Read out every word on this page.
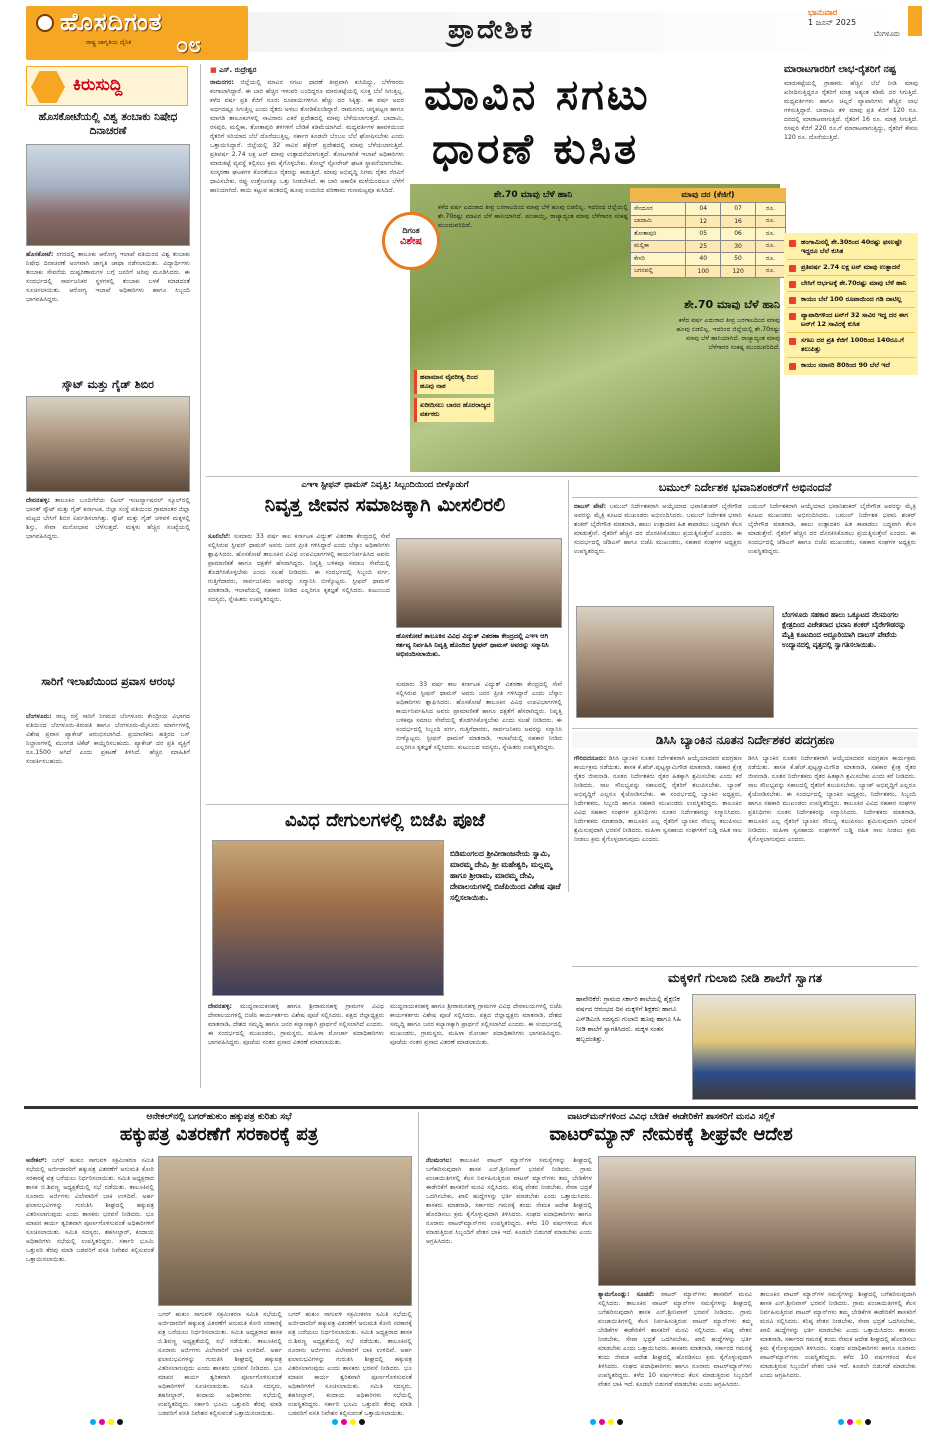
ಹೊಸದಿಗಂತ
ರಾಷ್ಟ್ರ ಜಾಗೃತಿಯ ದೈನಿಕ ೦೮
ಪ್ರಾದೇಶಿಕ
ಭಾನುವಾರ
1 ಜೂನ್ 2025
ಬೆಂಗಳೂರು
ಕಿರುಸುದ್ದಿ
ಹೊಸಕೋಟೆಯಲ್ಲಿ ವಿಶ್ವ ತಂಬಾಕು ನಿಷೇಧ ದಿನಾಚರಣೆ
ಹೊಸಕೋಟೆ: ನಗರದಲ್ಲಿ ತಾಲೂಕು ಆರೋಗ್ಯ ಇಲಾಖೆ ವತಿಯಿಂದ ವಿಶ್ವ ತಂಬಾಕು ನಿಷೇಧ ದಿನಾಚರಣೆ ಅಂಗವಾಗಿ ಜಾಗೃತಿ ಜಾಥಾ ನಡೆಸಲಾಯಿತು. ವಿದ್ಯಾರ್ಥಿಗಳು ತಂಬಾಕು ಸೇವನೆಯ ದುಷ್ಪರಿಣಾಮಗಳ ಬಗ್ಗೆ ಜನರಿಗೆ ಅರಿವು ಮೂಡಿಸಿದರು. ಈ ಸಂದರ್ಭದಲ್ಲಿ ಸಾರ್ವಜನಿಕರ ಸ್ಥಳಗಳಲ್ಲಿ ತಂಬಾಕು ಬಳಕೆ ಮಾಡದಂತೆ ಸೂಚಿಸಲಾಯಿತು. ಆರೋಗ್ಯ ಇಲಾಖೆ ಅಧಿಕಾರಿಗಳು ಹಾಗೂ ಸಿಬ್ಬಂದಿ ಭಾಗವಹಿಸಿದ್ದರು.
ಸ್ಕೌಟ್ ಮತ್ತು ಗೈಡ್ ಶಿಬಿರ
ದೇವನಹಳ್ಳಿ: ತಾಲೂಕಿನ ಬೂದಿಗೆರೆಯ ಲಿಟಲ್ ಇಂಟರ್ನ್ಯಾಷನಲ್ ಸ್ಕೂಲ್‌ನಲ್ಲಿ ಭಾರತ್ ಸ್ಕೌಟ್ ಮತ್ತು ಗೈಡ್ ಕರ್ನಾಟಕ, ಜಿಲ್ಲಾ ಸಂಸ್ಥೆ ವತಿಯಿಂದ ಗ್ರಾಮಾಂತರ ಜಿಲ್ಲಾ ಮಟ್ಟದ ಬೇಸಿಗೆ ಶಿಬಿರ ಏರ್ಪಡಿಸಲಾಗಿತ್ತು. ಸ್ಕೌಟ್ ಮತ್ತು ಗೈಡ್ ಚಳವಳಿ ಮಕ್ಕಳಲ್ಲಿ ಶಿಸ್ತು, ಸೇವಾ ಮನೋಭಾವ ಬೆಳೆಸುತ್ತದೆ. ಮಕ್ಕಳು ಹೆಚ್ಚಿನ ಸಂಖ್ಯೆಯಲ್ಲಿ ಭಾಗವಹಿಸಿದ್ದರು.
ಸಾರಿಗೆ ಇಲಾಖೆಯಿಂದ ಪ್ರವಾಸ ಆರಂಭ
ಬೆಂಗಳೂರು: ರಾಜ್ಯ ರಸ್ತೆ ಸಾರಿಗೆ ನಿಗಮದ ಬೆಂಗಳೂರು ಕೇಂದ್ರೀಯ ವಿಭಾಗದ ವತಿಯಿಂದ ಬೆಂಗಳೂರು-ತಿರುಪತಿ ಹಾಗೂ ಬೆಂಗಳೂರು-ಮೈಸೂರು ಮಾರ್ಗಗಳಲ್ಲಿ ವಿಶೇಷ ಪ್ರವಾಸ ಪ್ಯಾಕೇಜ್ ಆರಂಭಿಸಲಾಗಿದೆ. ಪ್ರಯಾಣಿಕರು ಹತ್ತಿರದ ಬಸ್ ನಿಲ್ದಾಣಗಳಲ್ಲಿ ಮುಂಗಡ ಟಿಕೆಟ್ ಕಾಯ್ದಿರಿಸಬಹುದು. ಪ್ಯಾಕೇಜ್ ದರ ಪ್ರತಿ ವ್ಯಕ್ತಿಗೆ ರೂ.1500 ಆಗಿದೆ ಎಂದು ಪ್ರಕಟಣೆ ತಿಳಿಸಿದೆ. ಹೆಚ್ಚಿನ ಮಾಹಿತಿಗೆ ಸಂಪರ್ಕಿಸಬಹುದು.
■ ಎಸ್. ರುದ್ರೇಶ್ವರ
ರಾಮನಗರ: ಜಿಲ್ಲೆಯಲ್ಲಿ ಮಾವಿನ ಸಗಟು ಧಾರಣೆ ತೀವ್ರವಾಗಿ ಕುಸಿದಿದ್ದು, ಬೆಳೆಗಾರರು ಕಂಗಾಲಾಗಿದ್ದಾರೆ. ಈ ಬಾರಿ ಹೆಚ್ಚಿನ ಇಳುವರಿ ಬಂದಿದ್ದರೂ ಮಾರುಕಟ್ಟೆಯಲ್ಲಿ ಸೂಕ್ತ ಬೆಲೆ ಸಿಗುತ್ತಿಲ್ಲ. ಕಳೆದ ವರ್ಷ ಪ್ರತಿ ಕೆಜಿಗೆ ನೂರು ರೂಪಾಯಿಗಳಿಗೂ ಹೆಚ್ಚು ದರ ಸಿಕ್ಕಿತ್ತು. ಈ ವರ್ಷ ಅದರ ಅರ್ಧದಷ್ಟೂ ಸಿಗುತ್ತಿಲ್ಲ ಎಂದು ರೈತರು ಅಳಲು ತೋಡಿಕೊಂಡಿದ್ದಾರೆ. ರಾಮನಗರ, ಚನ್ನಪಟ್ಟಣ ಹಾಗೂ ಮಾಗಡಿ ತಾಲೂಕುಗಳಲ್ಲಿ ಸಾವಿರಾರು ಎಕರೆ ಪ್ರದೇಶದಲ್ಲಿ ಮಾವು ಬೆಳೆಯಲಾಗುತ್ತದೆ. ಬಾದಾಮಿ, ರಸಪುರಿ, ಮಲ್ಲಿಕಾ, ತೋತಾಪುರಿ ತಳಿಗಳಿಗೆ ಬೇಡಿಕೆ ಕಡಿಮೆಯಾಗಿದೆ. ಮಧ್ಯವರ್ತಿಗಳ ಹಾವಳಿಯಿಂದ ರೈತರಿಗೆ ಸರಿಯಾದ ಬೆಲೆ ದೊರೆಯುತ್ತಿಲ್ಲ. ಸರ್ಕಾರ ಕೂಡಲೇ ಬೆಂಬಲ ಬೆಲೆ ಘೋಷಿಸಬೇಕು ಎಂದು ಒತ್ತಾಯಿಸಿದ್ದಾರೆ. ಜಿಲ್ಲೆಯಲ್ಲಿ 32 ಸಾವಿರ ಹೆಕ್ಟೇರ್ ಪ್ರದೇಶದಲ್ಲಿ ಮಾವು ಬೆಳೆಯಲಾಗುತ್ತಿದೆ. ಪ್ರತಿವರ್ಷ 2.74 ಲಕ್ಷ ಟನ್ ಮಾವು ಉತ್ಪಾದನೆಯಾಗುತ್ತದೆ. ತೋಟಗಾರಿಕೆ ಇಲಾಖೆ ಅಧಿಕಾರಿಗಳು ಮಾರುಕಟ್ಟೆ ವ್ಯವಸ್ಥೆ ಕಲ್ಪಿಸಲು ಕ್ರಮ ಕೈಗೊಳ್ಳಬೇಕು. ಕೋಲ್ಡ್ ಸ್ಟೋರೇಜ್ ಘಟಕ ಸ್ಥಾಪನೆಯಾಗಬೇಕು. ಸಂಸ್ಕರಣಾ ಘಟಕಗಳ ಕೊರತೆಯೂ ರೈತರನ್ನು ಕಾಡುತ್ತಿದೆ. ಮಾವು ಅಭಿವೃದ್ಧಿ ನಿಗಮ ರೈತರ ನೆರವಿಗೆ ಧಾವಿಸಬೇಕು. ರಫ್ತು ಉತ್ತೇಜನಕ್ಕೂ ಒತ್ತು ನೀಡಬೇಕಿದೆ. ಈ ಬಾರಿ ಅಕಾಲಿಕ ಮಳೆಯಿಂದಲೂ ಬೆಳೆಗೆ ಹಾನಿಯಾಗಿದೆ. ಕಾಯಿ ಕಟ್ಟುವ ಹಂತದಲ್ಲಿ ಹೂವು ಉದುರಿದ ಪರಿಣಾಮ ಗುಣಮಟ್ಟವೂ ಕುಸಿದಿದೆ.
ಮಾವಿನ ಸಗಟು
ಧಾರಣೆ ಕುಸಿತ
ದಿಗಂತ
ವಿಶೇಷ
ಶೇ.70 ಮಾವು ಬೆಳೆ ಹಾನಿ
ಕಳೆದ ವರ್ಷ ಎದುರಾದ ತೀವ್ರ ಬರಗಾಲದಿಂದ ಮಾವು ಬೆಳೆ ಹೂವು ಬಿಡಲಿಲ್ಲ. ಇದರಿಂದ ಜಿಲ್ಲೆಯಲ್ಲಿ ಶೇ.70ರಷ್ಟು ಮಾವಿನ ಬೆಳೆ ಹಾನಿಯಾಗಿದೆ. ಪಂಚಾಯ್ತಿ, ರಾಜ್ಯಾದ್ಯಂತ ಮಾವು ಬೆಳೆಗಾರರ ಸಂಕಷ್ಟ ಮುಂದುವರಿದಿದೆ.
ಮಾವು ದರ (ಕೆಜಿಗೆ)
ಸೇಂದೂರ	04	07	ರೂ.
ಬಾದಾಮಿ	12	16	ರೂ.
ತೋತಾಪುರಿ	05	06	ರೂ.
ಮಲ್ಲಿಕಾ	25	30	ರೂ.
ಕೇಸರಿ	40	50	ರೂ.
ಬಗನಪಲ್ಲಿ	100	120	ರೂ.
ಶೇ.70 ಮಾವು ಬೆಳೆ ಹಾನಿ
ಕಳೆದ ವರ್ಷ ಎದುರಾದ ತೀವ್ರ ಬರಗಾಲದಿಂದ ಮಾವು ಹೂವು ಬಿಡಲಿಲ್ಲ. ಇದರಿಂದ ಜಿಲ್ಲೆಯಲ್ಲಿ ಶೇ.70ರಷ್ಟು ಮಾವು ಬೆಳೆ ಹಾನಿಯಾಗಿದೆ. ರಾಜ್ಯಾದ್ಯಂತ ಮಾವು ಬೆಳೆಗಾರರ ಸಂಕಷ್ಟ ಮುಂದುವರಿದಿದೆ.
ಹವಾಮಾನ ವೈಪರೀತ್ಯ ದಿಂದ ಹೂವು ನಾಶ
ಖರೀದಿಸಲು ಬಾರದ ಹೊರರಾಜ್ಯದ ವರ್ತಕರು
ಮಾರಾಟಗಾರರಿಗೆ ಲಾಭ-ರೈತರಿಗೆ ನಷ್ಟ
ಮಾರುಕಟ್ಟೆಯಲ್ಲಿ ಗ್ರಾಹಕರು ಹೆಚ್ಚಿನ ಬೆಲೆ ನೀಡಿ ಮಾವು ಖರೀದಿಸುತ್ತಿದ್ದರೂ ರೈತರಿಗೆ ಮಾತ್ರ ಅತ್ಯಂತ ಕಡಿಮೆ ದರ ಸಿಗುತ್ತಿದೆ. ಮಧ್ಯವರ್ತಿಗಳು ಹಾಗೂ ಚಿಲ್ಲರೆ ವ್ಯಾಪಾರಿಗಳು ಹೆಚ್ಚಿನ ಲಾಭ ಗಳಿಸುತ್ತಿದ್ದಾರೆ. ಬಾದಾಮಿ ತಳಿ ಮಾವು ಪ್ರತಿ ಕೆಜಿಗೆ 120 ರೂ. ದರದಲ್ಲಿ ಮಾರಾಟವಾಗುತ್ತಿದೆ. ರೈತರಿಗೆ 16 ರೂ. ಮಾತ್ರ ಸಿಗುತ್ತಿದೆ. ರಸಪುರಿ ಕೆಜಿಗೆ 220 ರೂ.ಗೆ ಮಾರಾಟವಾಗುತ್ತಿದ್ದು, ರೈತರಿಗೆ ಕೇವಲ 120 ರೂ. ದೊರೆಯುತ್ತಿದೆ.
ಹಂಗಾಮಿನಲ್ಲಿ ಶೇ.30ರಿಂದ 40ರಷ್ಟು ಫಸಲಷ್ಟೇ ಇದ್ದರೂ ಬೆಲೆ ಕುಸಿತ
ಪ್ರತಿವರ್ಷ 2.74 ಲಕ್ಷ ಟನ್ ಮಾವು ಉತ್ಪಾದನೆ
ಬೇಸಿಗೆ ಆರ್ಭಟಕ್ಕೆ ಶೇ.70ರಷ್ಟು ಮಾವು ಬೆಳೆ ಹಾನಿ
ಕಾಯಂ ಬೆಲೆ 100 ರೂಪಾಯಿಂದ ಗಡಿ ದಾಟಿಲ್ಲ
ವ್ಯಾಪಾರಿಗಳಿಂದ ಟನ್‌ಗೆ 32 ಸಾವಿರ ಇದ್ದ ದರ ಈಗ ಟನ್‌ಗೆ 12 ಸಾವಿರಕ್ಕೆ ಕುಸಿತ
ಸಗಟು ದರ ಪ್ರತಿ ಕೆಜಿಗೆ 100ರಿಂದ 140ರೂ.ಗೆ ತಲುಪಿತ್ತು
ಕಾಯಂ ಸರಾಸರಿ 80ರಿಂದ 90 ಬೆಲೆ ಇದೆ
ಎಇಇ ಸ್ಟೀಫನ್ ಥಾಮಸ್ ನಿವೃತ್ತಿ: ಸಿಬ್ಬಂದಿಯಿಂದ ಬೀಳ್ಕೊಡುಗೆ
ನಿವೃತ್ತ ಜೀವನ ಸಮಾಜಕ್ಕಾಗಿ ಮೀಸಲಿರಲಿ
ಸೂಲಿಬೆಲೆ: ಸುಮಾರು 33 ವರ್ಷ ಕಾಲ ಕರ್ನಾಟಕ ವಿದ್ಯುತ್ ವಿತರಣಾ ಕೇಂದ್ರದಲ್ಲಿ ಸೇವೆ ಸಲ್ಲಿಸಿರುವ ಸ್ಟೀಫನ್ ಥಾಮಸ್ ಅವರು ಜನರ ಪ್ರೀತಿ ಗಳಿಸಿದ್ದಾರೆ ಎಂದು ಬೆಸ್ಕಾಂ ಅಧಿಕಾರಿಗಳು ಶ್ಲಾಘಿಸಿದರು. ಹೊಸಕೋಟೆ ತಾಲೂಕಿನ ವಿವಿಧ ಉಪವಿಭಾಗಗಳಲ್ಲಿ ಕಾರ್ಯನಿರ್ವಹಿಸಿದ ಅವರು ಪ್ರಾಮಾಣಿಕತೆ ಹಾಗೂ ದಕ್ಷತೆಗೆ ಹೆಸರಾಗಿದ್ದರು. ನಿವೃತ್ತಿ ಬಳಿಕವೂ ಸಮಾಜ ಸೇವೆಯಲ್ಲಿ ತೊಡಗಿಸಿಕೊಳ್ಳಬೇಕು ಎಂದು ಸಲಹೆ ನೀಡಿದರು. ಈ ಸಂದರ್ಭದಲ್ಲಿ ಸಿಬ್ಬಂದಿ ವರ್ಗ, ಗುತ್ತಿಗೆದಾರರು, ಸಾರ್ವಜನಿಕರು ಅವರನ್ನು ಸನ್ಮಾನಿಸಿ ಬೀಳ್ಕೊಟ್ಟರು. ಸ್ಟೀಫನ್ ಥಾಮಸ್ ಮಾತನಾಡಿ, ಇಲಾಖೆಯಲ್ಲಿ ಸಹಕಾರ ನೀಡಿದ ಎಲ್ಲರಿಗೂ ಕೃತಜ್ಞತೆ ಸಲ್ಲಿಸಿದರು. ಕುಟುಂಬದ ಸದಸ್ಯರು, ಸ್ನೇಹಿತರು ಉಪಸ್ಥಿತರಿದ್ದರು.
ಹೊಸಕೋಟೆ ತಾಲೂಕಿನ ವಿವಿಧ ವಿದ್ಯುತ್ ವಿತರಣಾ ಕೇಂದ್ರದಲ್ಲಿ ಎಇಇ ಆಗಿ ಕರ್ತವ್ಯ ನಿರ್ವಹಿಸಿ ನಿವೃತ್ತಿ ಹೊಂದಿದ ಸ್ಟೀಫನ್ ಥಾಮಸ್ ಅವರನ್ನು ಸನ್ಮಾನಿಸಿ ಅಭಿನಂದಿಸಲಾಯಿತು.
ಸುಮಾರು 33 ವರ್ಷ ಕಾಲ ಕರ್ನಾಟಕ ವಿದ್ಯುತ್ ವಿತರಣಾ ಕೇಂದ್ರದಲ್ಲಿ ಸೇವೆ ಸಲ್ಲಿಸಿರುವ ಸ್ಟೀಫನ್ ಥಾಮಸ್ ಅವರು ಜನರ ಪ್ರೀತಿ ಗಳಿಸಿದ್ದಾರೆ ಎಂದು ಬೆಸ್ಕಾಂ ಅಧಿಕಾರಿಗಳು ಶ್ಲಾಘಿಸಿದರು. ಹೊಸಕೋಟೆ ತಾಲೂಕಿನ ವಿವಿಧ ಉಪವಿಭಾಗಗಳಲ್ಲಿ ಕಾರ್ಯನಿರ್ವಹಿಸಿದ ಅವರು ಪ್ರಾಮಾಣಿಕತೆ ಹಾಗೂ ದಕ್ಷತೆಗೆ ಹೆಸರಾಗಿದ್ದರು. ನಿವೃತ್ತಿ ಬಳಿಕವೂ ಸಮಾಜ ಸೇವೆಯಲ್ಲಿ ತೊಡಗಿಸಿಕೊಳ್ಳಬೇಕು ಎಂದು ಸಲಹೆ ನೀಡಿದರು. ಈ ಸಂದರ್ಭದಲ್ಲಿ ಸಿಬ್ಬಂದಿ ವರ್ಗ, ಗುತ್ತಿಗೆದಾರರು, ಸಾರ್ವಜನಿಕರು ಅವರನ್ನು ಸನ್ಮಾನಿಸಿ ಬೀಳ್ಕೊಟ್ಟರು. ಸ್ಟೀಫನ್ ಥಾಮಸ್ ಮಾತನಾಡಿ, ಇಲಾಖೆಯಲ್ಲಿ ಸಹಕಾರ ನೀಡಿದ ಎಲ್ಲರಿಗೂ ಕೃತಜ್ಞತೆ ಸಲ್ಲಿಸಿದರು. ಕುಟುಂಬದ ಸದಸ್ಯರು, ಸ್ನೇಹಿತರು ಉಪಸ್ಥಿತರಿದ್ದರು.
ಬಮುಲ್ ನಿರ್ದೇಶಕ ಭವಾನಿಶಂಕರ್‌ಗೆ ಅಭಿನಂದನೆ
ದಾಬಸ್ ಪೇಟೆ: ಬಮುಲ್ ನಿರ್ದೇಶಕರಾಗಿ ಆಯ್ಕೆಯಾದ ಭವಾನಿಶಂಕರ್ ಬೈರೇಗೌಡ ಅವರನ್ನು ಮೈತ್ರಿ ಕೂಟದ ಮುಖಂಡರು ಅಭಿನಂದಿಸಿದರು. ಬಮುಲ್ ನಿರ್ದೇಶಕ ಭವಾನಿ ಶಂಕರ್ ಬೈರೇಗೌಡ ಮಾತನಾಡಿ, ಹಾಲು ಉತ್ಪಾದಕರ ಹಿತ ಕಾಪಾಡಲು ಬದ್ಧವಾಗಿ ಕೆಲಸ ಮಾಡುತ್ತೇನೆ. ರೈತರಿಗೆ ಹೆಚ್ಚಿನ ದರ ದೊರಕಿಸಿಕೊಡಲು ಪ್ರಯತ್ನಿಸುತ್ತೇನೆ ಎಂದರು. ಈ ಸಂದರ್ಭದಲ್ಲಿ ಜೆಡಿಎಸ್ ಹಾಗೂ ಬಿಜೆಪಿ ಮುಖಂಡರು, ಸಹಕಾರ ಸಂಘಗಳ ಅಧ್ಯಕ್ಷರು ಉಪಸ್ಥಿತರಿದ್ದರು.
ಬಮುಲ್ ನಿರ್ದೇಶಕರಾಗಿ ಆಯ್ಕೆಯಾದ ಭವಾನಿಶಂಕರ್ ಬೈರೇಗೌಡ ಅವರನ್ನು ಮೈತ್ರಿ ಕೂಟದ ಮುಖಂಡರು ಅಭಿನಂದಿಸಿದರು. ಬಮುಲ್ ನಿರ್ದೇಶಕ ಭವಾನಿ ಶಂಕರ್ ಬೈರೇಗೌಡ ಮಾತನಾಡಿ, ಹಾಲು ಉತ್ಪಾದಕರ ಹಿತ ಕಾಪಾಡಲು ಬದ್ಧವಾಗಿ ಕೆಲಸ ಮಾಡುತ್ತೇನೆ. ರೈತರಿಗೆ ಹೆಚ್ಚಿನ ದರ ದೊರಕಿಸಿಕೊಡಲು ಪ್ರಯತ್ನಿಸುತ್ತೇನೆ ಎಂದರು. ಈ ಸಂದರ್ಭದಲ್ಲಿ ಜೆಡಿಎಸ್ ಹಾಗೂ ಬಿಜೆಪಿ ಮುಖಂಡರು, ಸಹಕಾರ ಸಂಘಗಳ ಅಧ್ಯಕ್ಷರು ಉಪಸ್ಥಿತರಿದ್ದರು.
ಬೆಂಗಳೂರು ಸಹಕಾರ ಹಾಲು ಒಕ್ಕೂಟದ ನೆಲಮಂಗಲ ಕ್ಷೇತ್ರದಿಂದ ವಿಜೇತರಾದ ಭವಾನಿ ಶಂಕರ್ ಬೈರೇಗೌಡರನ್ನು ಮೈತ್ರಿ ಕೂಟದಿಂದ ಅದ್ದೂರಿಯಾಗಿ ದಾಬಸ್ ಪೇಟೆಯ ಉದ್ಯಾನದಲ್ಲಿ ವೃತ್ತದಲ್ಲಿ ಸ್ವಾಗತಿಸಲಾಯಿತು.
ಡಿಸಿಸಿ ಬ್ಯಾಂಕಿನ ನೂತನ ನಿರ್ದೇಶಕರ ಪದಗ್ರಹಣ
ಗೌರಿಬಿದನೂರು: ಡಿಸಿಸಿ ಬ್ಯಾಂಕಿನ ನೂತನ ನಿರ್ದೇಶಕರಾಗಿ ಆಯ್ಕೆಯಾದವರ ಪದಗ್ರಹಣ ಕಾರ್ಯಕ್ರಮ ನಡೆಯಿತು. ಶಾಸಕ ಕೆ.ಹೆಚ್.ಪುಟ್ಟಸ್ವಾಮಿಗೌಡ ಮಾತನಾಡಿ, ಸಹಕಾರ ಕ್ಷೇತ್ರ ರೈತರ ಜೀವನಾಡಿ. ನೂತನ ನಿರ್ದೇಶಕರು ರೈತರ ಹಿತಕ್ಕಾಗಿ ಶ್ರಮಿಸಬೇಕು ಎಂದು ಕರೆ ನೀಡಿದರು. ಸಾಲ ಸೌಲಭ್ಯವನ್ನು ಸಕಾಲದಲ್ಲಿ ರೈತರಿಗೆ ತಲುಪಿಸಬೇಕು. ಬ್ಯಾಂಕ್ ಅಭಿವೃದ್ಧಿಗೆ ಎಲ್ಲರೂ ಕೈಜೋಡಿಸಬೇಕು. ಈ ಸಂದರ್ಭದಲ್ಲಿ ಬ್ಯಾಂಕಿನ ಅಧ್ಯಕ್ಷರು, ನಿರ್ದೇಶಕರು, ಸಿಬ್ಬಂದಿ ಹಾಗೂ ಸಹಕಾರಿ ಮುಖಂಡರು ಉಪಸ್ಥಿತರಿದ್ದರು. ತಾಲೂಕಿನ ವಿವಿಧ ಸಹಕಾರ ಸಂಘಗಳ ಪ್ರತಿನಿಧಿಗಳು ನೂತನ ನಿರ್ದೇಶಕರನ್ನು ಸನ್ಮಾನಿಸಿದರು. ನಿರ್ದೇಶಕರು ಮಾತನಾಡಿ, ತಾಲೂಕಿನ ಎಲ್ಲ ರೈತರಿಗೆ ಬ್ಯಾಂಕಿನ ಸೌಲಭ್ಯ ತಲುಪಿಸಲು ಶ್ರಮಿಸುವುದಾಗಿ ಭರವಸೆ ನೀಡಿದರು. ಮಹಿಳಾ ಸ್ವಸಹಾಯ ಸಂಘಗಳಿಗೆ ಬಡ್ಡಿ ರಹಿತ ಸಾಲ ನೀಡಲು ಕ್ರಮ ಕೈಗೊಳ್ಳಲಾಗುವುದು ಎಂದರು.
ಡಿಸಿಸಿ ಬ್ಯಾಂಕಿನ ನೂತನ ನಿರ್ದೇಶಕರಾಗಿ ಆಯ್ಕೆಯಾದವರ ಪದಗ್ರಹಣ ಕಾರ್ಯಕ್ರಮ ನಡೆಯಿತು. ಶಾಸಕ ಕೆ.ಹೆಚ್.ಪುಟ್ಟಸ್ವಾಮಿಗೌಡ ಮಾತನಾಡಿ, ಸಹಕಾರ ಕ್ಷೇತ್ರ ರೈತರ ಜೀವನಾಡಿ. ನೂತನ ನಿರ್ದೇಶಕರು ರೈತರ ಹಿತಕ್ಕಾಗಿ ಶ್ರಮಿಸಬೇಕು ಎಂದು ಕರೆ ನೀಡಿದರು. ಸಾಲ ಸೌಲಭ್ಯವನ್ನು ಸಕಾಲದಲ್ಲಿ ರೈತರಿಗೆ ತಲುಪಿಸಬೇಕು. ಬ್ಯಾಂಕ್ ಅಭಿವೃದ್ಧಿಗೆ ಎಲ್ಲರೂ ಕೈಜೋಡಿಸಬೇಕು. ಈ ಸಂದರ್ಭದಲ್ಲಿ ಬ್ಯಾಂಕಿನ ಅಧ್ಯಕ್ಷರು, ನಿರ್ದೇಶಕರು, ಸಿಬ್ಬಂದಿ ಹಾಗೂ ಸಹಕಾರಿ ಮುಖಂಡರು ಉಪಸ್ಥಿತರಿದ್ದರು. ತಾಲೂಕಿನ ವಿವಿಧ ಸಹಕಾರ ಸಂಘಗಳ ಪ್ರತಿನಿಧಿಗಳು ನೂತನ ನಿರ್ದೇಶಕರನ್ನು ಸನ್ಮಾನಿಸಿದರು. ನಿರ್ದೇಶಕರು ಮಾತನಾಡಿ, ತಾಲೂಕಿನ ಎಲ್ಲ ರೈತರಿಗೆ ಬ್ಯಾಂಕಿನ ಸೌಲಭ್ಯ ತಲುಪಿಸಲು ಶ್ರಮಿಸುವುದಾಗಿ ಭರವಸೆ ನೀಡಿದರು. ಮಹಿಳಾ ಸ್ವಸಹಾಯ ಸಂಘಗಳಿಗೆ ಬಡ್ಡಿ ರಹಿತ ಸಾಲ ನೀಡಲು ಕ್ರಮ ಕೈಗೊಳ್ಳಲಾಗುವುದು ಎಂದರು.
ವಿವಿಧ ದೇಗುಲಗಳಲ್ಲಿ ಬಿಜೆಪಿ ಪೂಜೆ
ಬಿಡಿಮಂಗಲದ ಶ್ರೀವೀರಾಂಜನೇಯ ಸ್ವಾಮಿ, ಮಾರಮ್ಮ ದೇವಿ, ಶ್ರೀ ಮಹೇಶ್ವರಿ, ಮಲ್ಲಮ್ಮ ಹಾಗೂ ಶ್ರೀರಾಮ, ಮಾರಮ್ಮ ದೇವಿ, ದೇವಾಲಯಗಳಲ್ಲಿ ಬಿಜೆಪಿಯಿಂದ ವಿಶೇಷ ಪೂಜೆ ಸಲ್ಲಿಸಲಾಯಿತು.
ದೇವನಹಳ್ಳಿ: ಮುದ್ದನಾಯಕನಹಳ್ಳಿ ಹಾಗೂ ಶ್ರೀರಾಮನಹಳ್ಳಿ ಗ್ರಾಮಗಳ ವಿವಿಧ ದೇವಾಲಯಗಳಲ್ಲಿ ಬಿಜೆಪಿ ಕಾರ್ಯಕರ್ತರು ವಿಶೇಷ ಪೂಜೆ ಸಲ್ಲಿಸಿದರು. ಪಕ್ಷದ ಜಿಲ್ಲಾಧ್ಯಕ್ಷರು ಮಾತನಾಡಿ, ದೇಶದ ಸಮೃದ್ಧಿ ಹಾಗೂ ಜನರ ಕಲ್ಯಾಣಕ್ಕಾಗಿ ಪ್ರಾರ್ಥನೆ ಸಲ್ಲಿಸಲಾಗಿದೆ ಎಂದರು. ಈ ಸಂದರ್ಭದಲ್ಲಿ ಮುಖಂಡರು, ಗ್ರಾಮಸ್ಥರು, ಮಹಿಳಾ ಮೋರ್ಚಾ ಪದಾಧಿಕಾರಿಗಳು ಭಾಗವಹಿಸಿದ್ದರು. ಪೂಜೆಯ ನಂತರ ಪ್ರಸಾದ ವಿತರಣೆ ಮಾಡಲಾಯಿತು.
ಮುದ್ದನಾಯಕನಹಳ್ಳಿ ಹಾಗೂ ಶ್ರೀರಾಮನಹಳ್ಳಿ ಗ್ರಾಮಗಳ ವಿವಿಧ ದೇವಾಲಯಗಳಲ್ಲಿ ಬಿಜೆಪಿ ಕಾರ್ಯಕರ್ತರು ವಿಶೇಷ ಪೂಜೆ ಸಲ್ಲಿಸಿದರು. ಪಕ್ಷದ ಜಿಲ್ಲಾಧ್ಯಕ್ಷರು ಮಾತನಾಡಿ, ದೇಶದ ಸಮೃದ್ಧಿ ಹಾಗೂ ಜನರ ಕಲ್ಯಾಣಕ್ಕಾಗಿ ಪ್ರಾರ್ಥನೆ ಸಲ್ಲಿಸಲಾಗಿದೆ ಎಂದರು. ಈ ಸಂದರ್ಭದಲ್ಲಿ ಮುಖಂಡರು, ಗ್ರಾಮಸ್ಥರು, ಮಹಿಳಾ ಮೋರ್ಚಾ ಪದಾಧಿಕಾರಿಗಳು ಭಾಗವಹಿಸಿದ್ದರು. ಪೂಜೆಯ ನಂತರ ಪ್ರಸಾದ ವಿತರಣೆ ಮಾಡಲಾಯಿತು.
ಮಕ್ಕಳಿಗೆ ಗುಲಾಬಿ ನೀಡಿ ಶಾಲೆಗೆ ಸ್ವಾಗತ
ಹಾವೇರಿಕೆರೆ: ಗ್ರಾಮದ ಸರ್ಕಾರಿ ಶಾಲೆಯಲ್ಲಿ ಶೈಕ್ಷಣಿಕ ವರ್ಷದ ಆರಂಭದ ದಿನ ಮಕ್ಕಳಿಗೆ ಶಿಕ್ಷಕರು ಹಾಗೂ ಎಸ್‌ಡಿಎಂಸಿ ಸದಸ್ಯರು ಗುಲಾಬಿ ಹೂವು ಹಾಗೂ ಸಿಹಿ ನೀಡಿ ಶಾಲೆಗೆ ಸ್ವಾಗತಿಸಿದರು. ಮಕ್ಕಳ ಸಂತಸ ಹಬ್ಬದಂತಿತ್ತು.
ಆನೇಕಲ್‌ನಲ್ಲಿ ಬಗರ್‌ಹುಕುಂ ಹಕ್ಕುಪತ್ರ ಕುರಿತು ಸಭೆ
ಹಕ್ಕುಪತ್ರ ವಿತರಣೆಗೆ ಸರಕಾರಕ್ಕೆ ಪತ್ರ
ಆನೇಕಲ್: ಬಗರ್ ಹುಕುಂ ಸಾಗುವಳಿ ಸಕ್ರಮೀಕರಣ ಸಮಿತಿ ಸಭೆಯಲ್ಲಿ ಅರ್ಜಿದಾರರಿಗೆ ಹಕ್ಕುಪತ್ರ ವಿತರಣೆಗೆ ಅನುಮತಿ ಕೋರಿ ಸರಕಾರಕ್ಕೆ ಪತ್ರ ಬರೆಯಲು ನಿರ್ಧರಿಸಲಾಯಿತು. ಸಮಿತಿ ಅಧ್ಯಕ್ಷರಾದ ಶಾಸಕ ಬಿ.ಶಿವಣ್ಣ ಅಧ್ಯಕ್ಷತೆಯಲ್ಲಿ ಸಭೆ ನಡೆಯಿತು. ತಾಲೂಕಿನಲ್ಲಿ ನೂರಾರು ಅರ್ಜಿಗಳು ವಿಲೇವಾರಿಗೆ ಬಾಕಿ ಉಳಿದಿವೆ. ಅರ್ಹ ಫಲಾನುಭವಿಗಳನ್ನು ಗುರುತಿಸಿ ಶೀಘ್ರದಲ್ಲಿ ಹಕ್ಕುಪತ್ರ ವಿತರಿಸಲಾಗುವುದು ಎಂದು ಶಾಸಕರು ಭರವಸೆ ನೀಡಿದರು. ಭೂ ಮಾಪನ ಕಾರ್ಯ ತ್ವರಿತವಾಗಿ ಪೂರ್ಣಗೊಳಿಸುವಂತೆ ಅಧಿಕಾರಿಗಳಿಗೆ ಸೂಚಿಸಲಾಯಿತು. ಸಮಿತಿ ಸದಸ್ಯರು, ತಹಸೀಲ್ದಾರ್, ಕಂದಾಯ ಅಧಿಕಾರಿಗಳು ಸಭೆಯಲ್ಲಿ ಉಪಸ್ಥಿತರಿದ್ದರು. ಸರ್ಕಾರಿ ಭೂಮಿ ಒತ್ತುವರಿ ತೆರವು ಮಾಡಿ ಬಡವರಿಗೆ ವಸತಿ ನಿವೇಶನ ಕಲ್ಪಿಸುವಂತೆ ಒತ್ತಾಯಿಸಲಾಯಿತು.
ಬಗರ್ ಹುಕುಂ ಸಾಗುವಳಿ ಸಕ್ರಮೀಕರಣ ಸಮಿತಿ ಸಭೆಯಲ್ಲಿ ಅರ್ಜಿದಾರರಿಗೆ ಹಕ್ಕುಪತ್ರ ವಿತರಣೆಗೆ ಅನುಮತಿ ಕೋರಿ ಸರಕಾರಕ್ಕೆ ಪತ್ರ ಬರೆಯಲು ನಿರ್ಧರಿಸಲಾಯಿತು. ಸಮಿತಿ ಅಧ್ಯಕ್ಷರಾದ ಶಾಸಕ ಬಿ.ಶಿವಣ್ಣ ಅಧ್ಯಕ್ಷತೆಯಲ್ಲಿ ಸಭೆ ನಡೆಯಿತು. ತಾಲೂಕಿನಲ್ಲಿ ನೂರಾರು ಅರ್ಜಿಗಳು ವಿಲೇವಾರಿಗೆ ಬಾಕಿ ಉಳಿದಿವೆ. ಅರ್ಹ ಫಲಾನುಭವಿಗಳನ್ನು ಗುರುತಿಸಿ ಶೀಘ್ರದಲ್ಲಿ ಹಕ್ಕುಪತ್ರ ವಿತರಿಸಲಾಗುವುದು ಎಂದು ಶಾಸಕರು ಭರವಸೆ ನೀಡಿದರು. ಭೂ ಮಾಪನ ಕಾರ್ಯ ತ್ವರಿತವಾಗಿ ಪೂರ್ಣಗೊಳಿಸುವಂತೆ ಅಧಿಕಾರಿಗಳಿಗೆ ಸೂಚಿಸಲಾಯಿತು. ಸಮಿತಿ ಸದಸ್ಯರು, ತಹಸೀಲ್ದಾರ್, ಕಂದಾಯ ಅಧಿಕಾರಿಗಳು ಸಭೆಯಲ್ಲಿ ಉಪಸ್ಥಿತರಿದ್ದರು. ಸರ್ಕಾರಿ ಭೂಮಿ ಒತ್ತುವರಿ ತೆರವು ಮಾಡಿ ಬಡವರಿಗೆ ವಸತಿ ನಿವೇಶನ ಕಲ್ಪಿಸುವಂತೆ ಒತ್ತಾಯಿಸಲಾಯಿತು.
ಬಗರ್ ಹುಕುಂ ಸಾಗುವಳಿ ಸಕ್ರಮೀಕರಣ ಸಮಿತಿ ಸಭೆಯಲ್ಲಿ ಅರ್ಜಿದಾರರಿಗೆ ಹಕ್ಕುಪತ್ರ ವಿತರಣೆಗೆ ಅನುಮತಿ ಕೋರಿ ಸರಕಾರಕ್ಕೆ ಪತ್ರ ಬರೆಯಲು ನಿರ್ಧರಿಸಲಾಯಿತು. ಸಮಿತಿ ಅಧ್ಯಕ್ಷರಾದ ಶಾಸಕ ಬಿ.ಶಿವಣ್ಣ ಅಧ್ಯಕ್ಷತೆಯಲ್ಲಿ ಸಭೆ ನಡೆಯಿತು. ತಾಲೂಕಿನಲ್ಲಿ ನೂರಾರು ಅರ್ಜಿಗಳು ವಿಲೇವಾರಿಗೆ ಬಾಕಿ ಉಳಿದಿವೆ. ಅರ್ಹ ಫಲಾನುಭವಿಗಳನ್ನು ಗುರುತಿಸಿ ಶೀಘ್ರದಲ್ಲಿ ಹಕ್ಕುಪತ್ರ ವಿತರಿಸಲಾಗುವುದು ಎಂದು ಶಾಸಕರು ಭರವಸೆ ನೀಡಿದರು. ಭೂ ಮಾಪನ ಕಾರ್ಯ ತ್ವರಿತವಾಗಿ ಪೂರ್ಣಗೊಳಿಸುವಂತೆ ಅಧಿಕಾರಿಗಳಿಗೆ ಸೂಚಿಸಲಾಯಿತು. ಸಮಿತಿ ಸದಸ್ಯರು, ತಹಸೀಲ್ದಾರ್, ಕಂದಾಯ ಅಧಿಕಾರಿಗಳು ಸಭೆಯಲ್ಲಿ ಉಪಸ್ಥಿತರಿದ್ದರು. ಸರ್ಕಾರಿ ಭೂಮಿ ಒತ್ತುವರಿ ತೆರವು ಮಾಡಿ ಬಡವರಿಗೆ ವಸತಿ ನಿವೇಶನ ಕಲ್ಪಿಸುವಂತೆ ಒತ್ತಾಯಿಸಲಾಯಿತು.
ವಾಟರ್‌ಮನ್‌ಗಳಿಂದ ವಿವಿಧ ಬೇಡಿಕೆ ಈಡೇರಿಕೆಗೆ ಶಾಸಕರಿಗೆ ಮನವಿ ಸಲ್ಲಿಕೆ
ವಾಟರ್‌ಮ್ಯಾನ್ ನೇಮಕಕ್ಕೆ ಶೀಘ್ರವೇ ಆದೇಶ
ನೆಲಮಂಗಲ: ತಾಲೂಕಿನ ವಾಟರ್ ಮ್ಯಾನ್‌ಗಳ ಸಮಸ್ಯೆಗಳನ್ನು ಶೀಘ್ರದಲ್ಲಿ ಬಗೆಹರಿಸುವುದಾಗಿ ಶಾಸಕ ಎನ್.ಶ್ರೀನಿವಾಸ್ ಭರವಸೆ ನೀಡಿದರು. ಗ್ರಾಮ ಪಂಚಾಯಿತಿಗಳಲ್ಲಿ ಕೆಲಸ ನಿರ್ವಹಿಸುತ್ತಿರುವ ವಾಟರ್ ಮ್ಯಾನ್‌ಗಳು ತಮ್ಮ ಬೇಡಿಕೆಗಳ ಈಡೇರಿಕೆಗೆ ಶಾಸಕರಿಗೆ ಮನವಿ ಸಲ್ಲಿಸಿದರು. ಕನಿಷ್ಠ ವೇತನ ನೀಡಬೇಕು, ಸೇವಾ ಭದ್ರತೆ ಒದಗಿಸಬೇಕು, ಖಾಲಿ ಹುದ್ದೆಗಳನ್ನು ಭರ್ತಿ ಮಾಡಬೇಕು ಎಂದು ಒತ್ತಾಯಿಸಿದರು. ಶಾಸಕರು ಮಾತನಾಡಿ, ಸರ್ಕಾರದ ಗಮನಕ್ಕೆ ತಂದು ನೇಮಕ ಆದೇಶ ಶೀಘ್ರದಲ್ಲಿ ಹೊರಡಿಸಲು ಕ್ರಮ ಕೈಗೊಳ್ಳುವುದಾಗಿ ತಿಳಿಸಿದರು. ಸಂಘದ ಪದಾಧಿಕಾರಿಗಳು ಹಾಗೂ ನೂರಾರು ವಾಟರ್‌ಮ್ಯಾನ್‌ಗಳು ಉಪಸ್ಥಿತರಿದ್ದರು. ಕಳೆದ 10 ವರ್ಷಗಳಿಂದ ಕೆಲಸ ಮಾಡುತ್ತಿರುವ ಸಿಬ್ಬಂದಿಗೆ ವೇತನ ಬಾಕಿ ಇದೆ. ಕೂಡಲೇ ಬಿಡುಗಡೆ ಮಾಡಬೇಕು ಎಂದು ಆಗ್ರಹಿಸಿದರು.
ತ್ಯಾಮಗೊಂಡ್ಲು: ಸೂಚನೆ: ವಾಟರ್ ಮ್ಯಾನ್‌ಗಳು ಶಾಸಕರಿಗೆ ಮನವಿ ಸಲ್ಲಿಸಿದರು. ತಾಲೂಕಿನ ವಾಟರ್ ಮ್ಯಾನ್‌ಗಳ ಸಮಸ್ಯೆಗಳನ್ನು ಶೀಘ್ರದಲ್ಲಿ ಬಗೆಹರಿಸುವುದಾಗಿ ಶಾಸಕ ಎನ್.ಶ್ರೀನಿವಾಸ್ ಭರವಸೆ ನೀಡಿದರು. ಗ್ರಾಮ ಪಂಚಾಯಿತಿಗಳಲ್ಲಿ ಕೆಲಸ ನಿರ್ವಹಿಸುತ್ತಿರುವ ವಾಟರ್ ಮ್ಯಾನ್‌ಗಳು ತಮ್ಮ ಬೇಡಿಕೆಗಳ ಈಡೇರಿಕೆಗೆ ಶಾಸಕರಿಗೆ ಮನವಿ ಸಲ್ಲಿಸಿದರು. ಕನಿಷ್ಠ ವೇತನ ನೀಡಬೇಕು, ಸೇವಾ ಭದ್ರತೆ ಒದಗಿಸಬೇಕು, ಖಾಲಿ ಹುದ್ದೆಗಳನ್ನು ಭರ್ತಿ ಮಾಡಬೇಕು ಎಂದು ಒತ್ತಾಯಿಸಿದರು. ಶಾಸಕರು ಮಾತನಾಡಿ, ಸರ್ಕಾರದ ಗಮನಕ್ಕೆ ತಂದು ನೇಮಕ ಆದೇಶ ಶೀಘ್ರದಲ್ಲಿ ಹೊರಡಿಸಲು ಕ್ರಮ ಕೈಗೊಳ್ಳುವುದಾಗಿ ತಿಳಿಸಿದರು. ಸಂಘದ ಪದಾಧಿಕಾರಿಗಳು ಹಾಗೂ ನೂರಾರು ವಾಟರ್‌ಮ್ಯಾನ್‌ಗಳು ಉಪಸ್ಥಿತರಿದ್ದರು. ಕಳೆದ 10 ವರ್ಷಗಳಿಂದ ಕೆಲಸ ಮಾಡುತ್ತಿರುವ ಸಿಬ್ಬಂದಿಗೆ ವೇತನ ಬಾಕಿ ಇದೆ. ಕೂಡಲೇ ಬಿಡುಗಡೆ ಮಾಡಬೇಕು ಎಂದು ಆಗ್ರಹಿಸಿದರು.
ತಾಲೂಕಿನ ವಾಟರ್ ಮ್ಯಾನ್‌ಗಳ ಸಮಸ್ಯೆಗಳನ್ನು ಶೀಘ್ರದಲ್ಲಿ ಬಗೆಹರಿಸುವುದಾಗಿ ಶಾಸಕ ಎನ್.ಶ್ರೀನಿವಾಸ್ ಭರವಸೆ ನೀಡಿದರು. ಗ್ರಾಮ ಪಂಚಾಯಿತಿಗಳಲ್ಲಿ ಕೆಲಸ ನಿರ್ವಹಿಸುತ್ತಿರುವ ವಾಟರ್ ಮ್ಯಾನ್‌ಗಳು ತಮ್ಮ ಬೇಡಿಕೆಗಳ ಈಡೇರಿಕೆಗೆ ಶಾಸಕರಿಗೆ ಮನವಿ ಸಲ್ಲಿಸಿದರು. ಕನಿಷ್ಠ ವೇತನ ನೀಡಬೇಕು, ಸೇವಾ ಭದ್ರತೆ ಒದಗಿಸಬೇಕು, ಖಾಲಿ ಹುದ್ದೆಗಳನ್ನು ಭರ್ತಿ ಮಾಡಬೇಕು ಎಂದು ಒತ್ತಾಯಿಸಿದರು. ಶಾಸಕರು ಮಾತನಾಡಿ, ಸರ್ಕಾರದ ಗಮನಕ್ಕೆ ತಂದು ನೇಮಕ ಆದೇಶ ಶೀಘ್ರದಲ್ಲಿ ಹೊರಡಿಸಲು ಕ್ರಮ ಕೈಗೊಳ್ಳುವುದಾಗಿ ತಿಳಿಸಿದರು. ಸಂಘದ ಪದಾಧಿಕಾರಿಗಳು ಹಾಗೂ ನೂರಾರು ವಾಟರ್‌ಮ್ಯಾನ್‌ಗಳು ಉಪಸ್ಥಿತರಿದ್ದರು. ಕಳೆದ 10 ವರ್ಷಗಳಿಂದ ಕೆಲಸ ಮಾಡುತ್ತಿರುವ ಸಿಬ್ಬಂದಿಗೆ ವೇತನ ಬಾಕಿ ಇದೆ. ಕೂಡಲೇ ಬಿಡುಗಡೆ ಮಾಡಬೇಕು ಎಂದು ಆಗ್ರಹಿಸಿದರು.
